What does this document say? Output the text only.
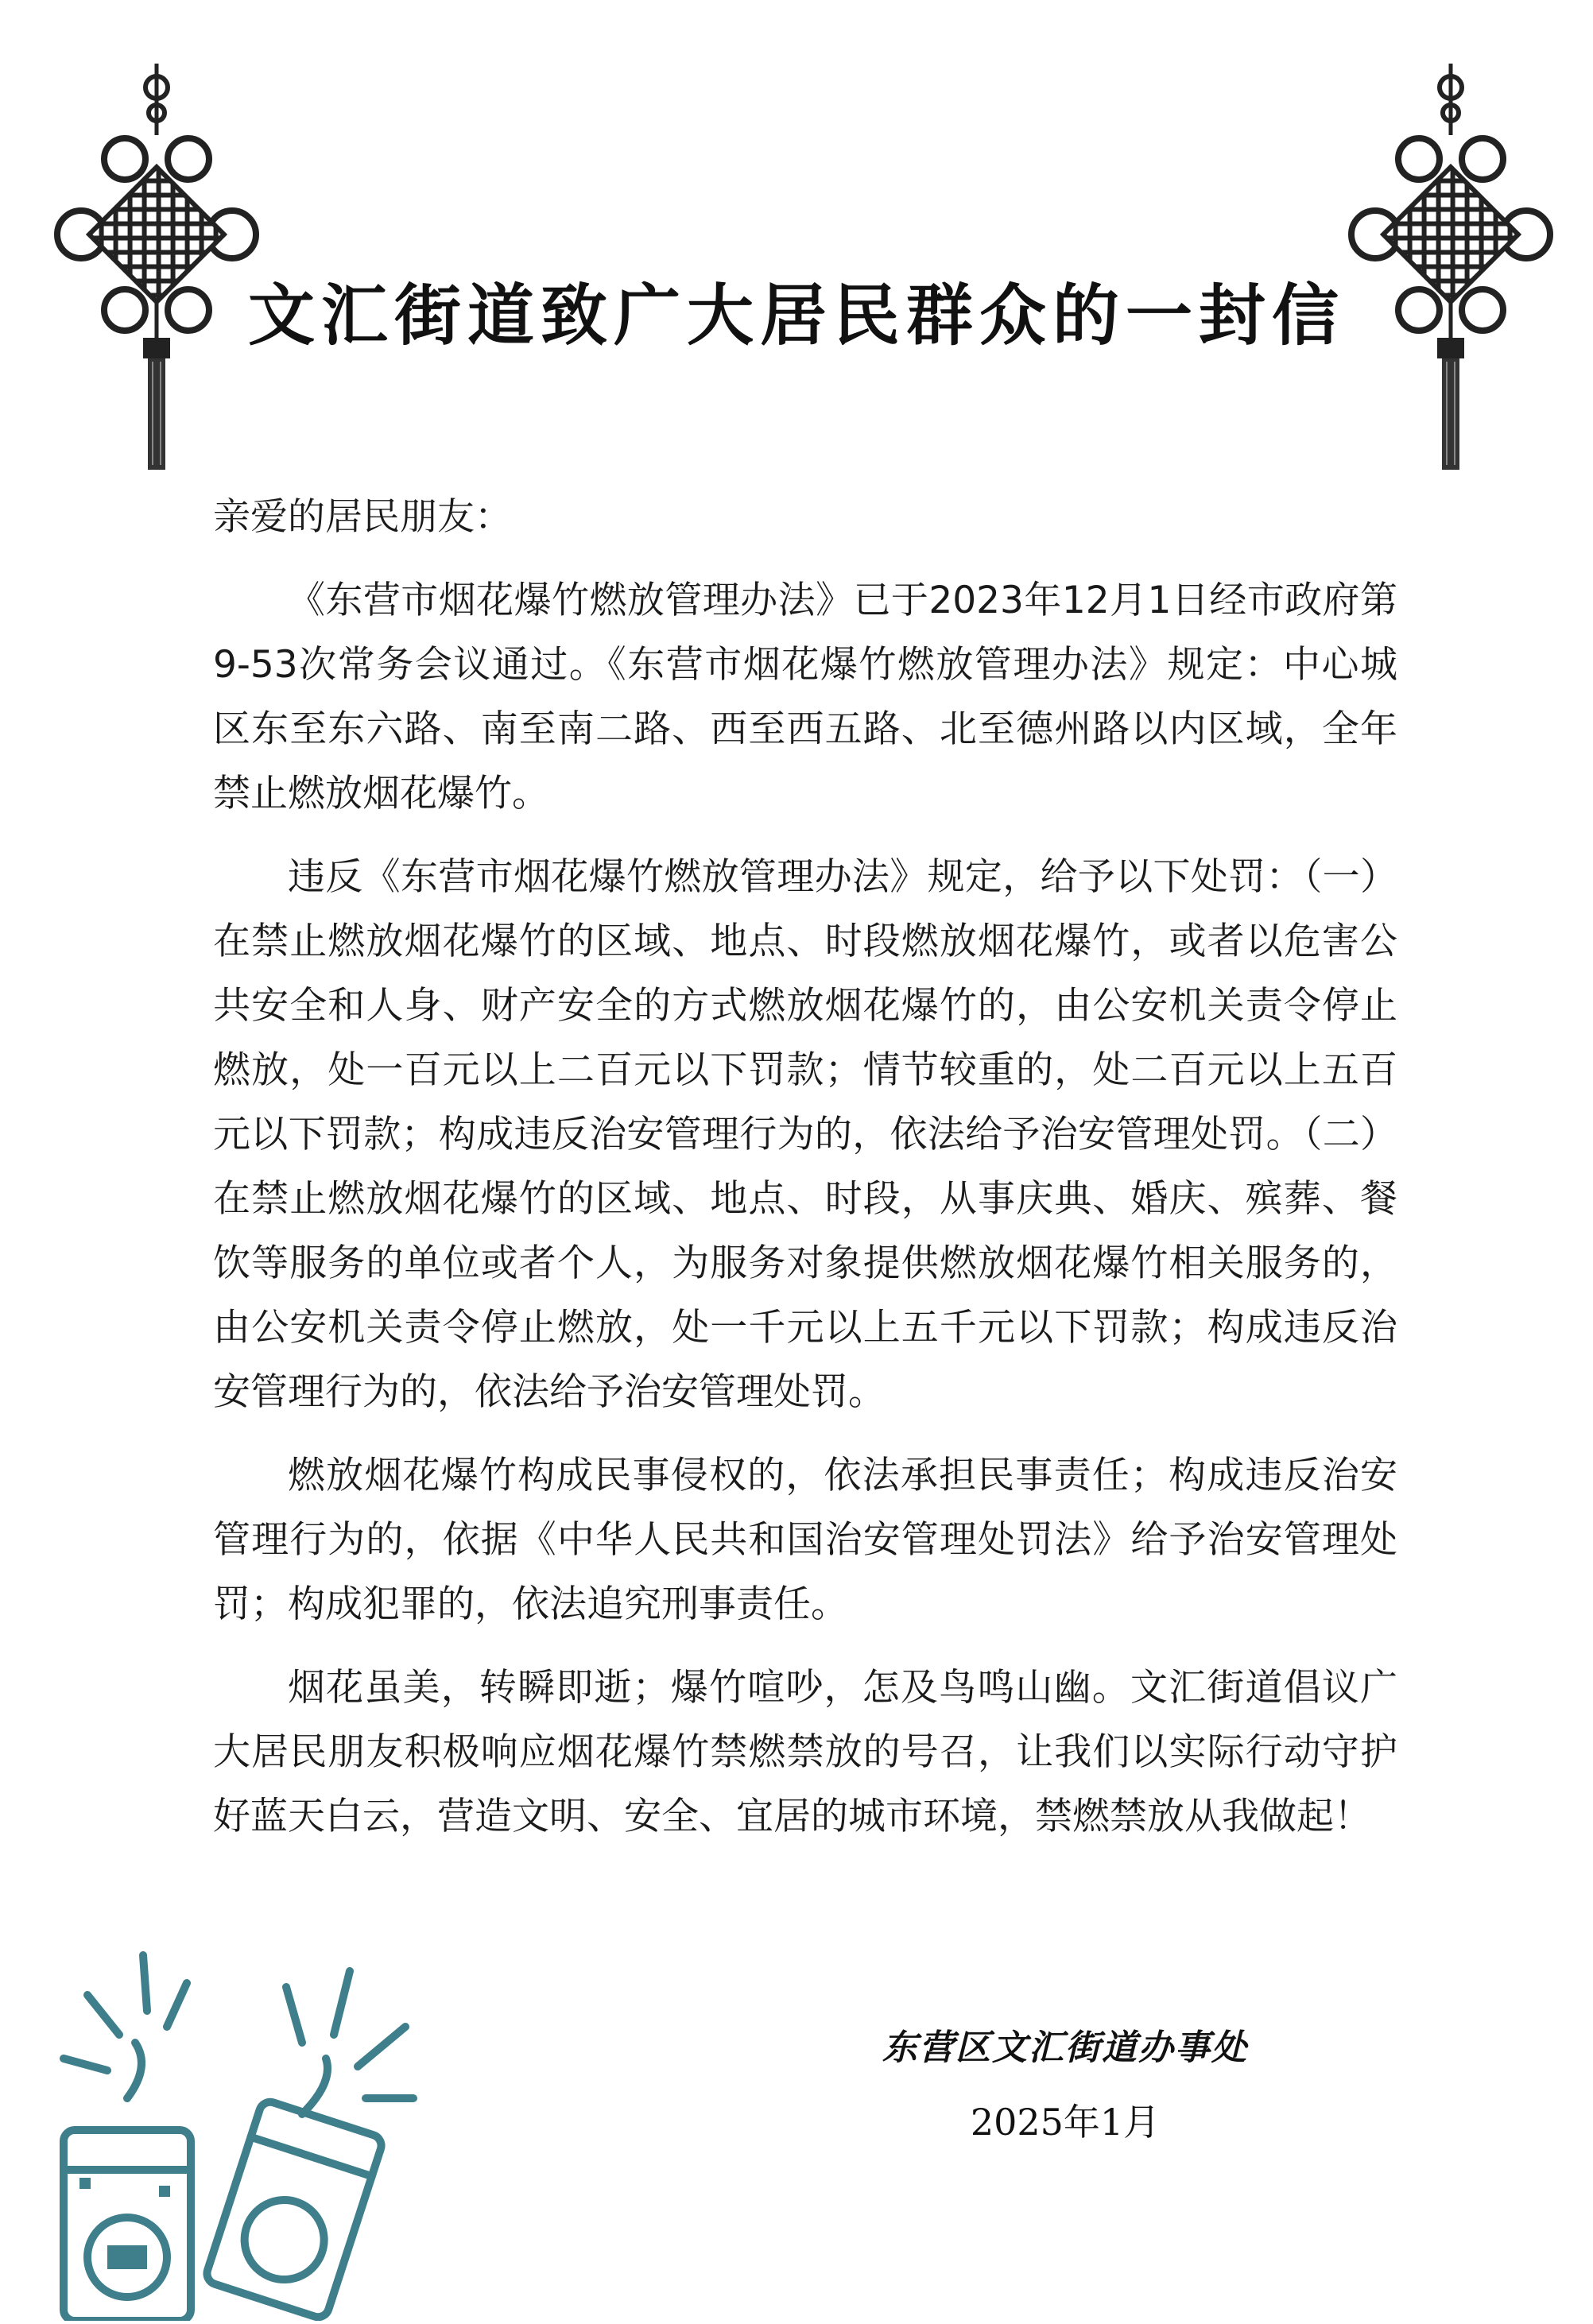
文汇街道致广大居民群众的一封信

亲爱的居民朋友：

《东营市烟花爆竹燃放管理办法》已于2023年12月1日经市政府第9-53次常务会议通过。《东营市烟花爆竹燃放管理办法》规定：中心城区东至东六路、南至南二路、西至西五路、北至德州路以内区域，全年禁止燃放烟花爆竹。

违反《东营市烟花爆竹燃放管理办法》规定，给予以下处罚：（一）在禁止燃放烟花爆竹的区域、地点、时段燃放烟花爆竹，或者以危害公共安全和人身、财产安全的方式燃放烟花爆竹的，由公安机关责令停止燃放，处一百元以上二百元以下罚款；情节较重的，处二百元以上五百元以下罚款；构成违反治安管理行为的，依法给予治安管理处罚。（二）在禁止燃放烟花爆竹的区域、地点、时段，从事庆典、婚庆、殡葬、餐饮等服务的单位或者个人，为服务对象提供燃放烟花爆竹相关服务的，由公安机关责令停止燃放，处一千元以上五千元以下罚款；构成违反治安管理行为的，依法给予治安管理处罚。

燃放烟花爆竹构成民事侵权的，依法承担民事责任；构成违反治安管理行为的，依据《中华人民共和国治安管理处罚法》给予治安管理处罚；构成犯罪的，依法追究刑事责任。

烟花虽美，转瞬即逝；爆竹喧吵，怎及鸟鸣山幽。文汇街道倡议广大居民朋友积极响应烟花爆竹禁燃禁放的号召，让我们以实际行动守护好蓝天白云，营造文明、安全、宜居的城市环境，禁燃禁放从我做起！

东营区文汇街道办事处
2025年1月
